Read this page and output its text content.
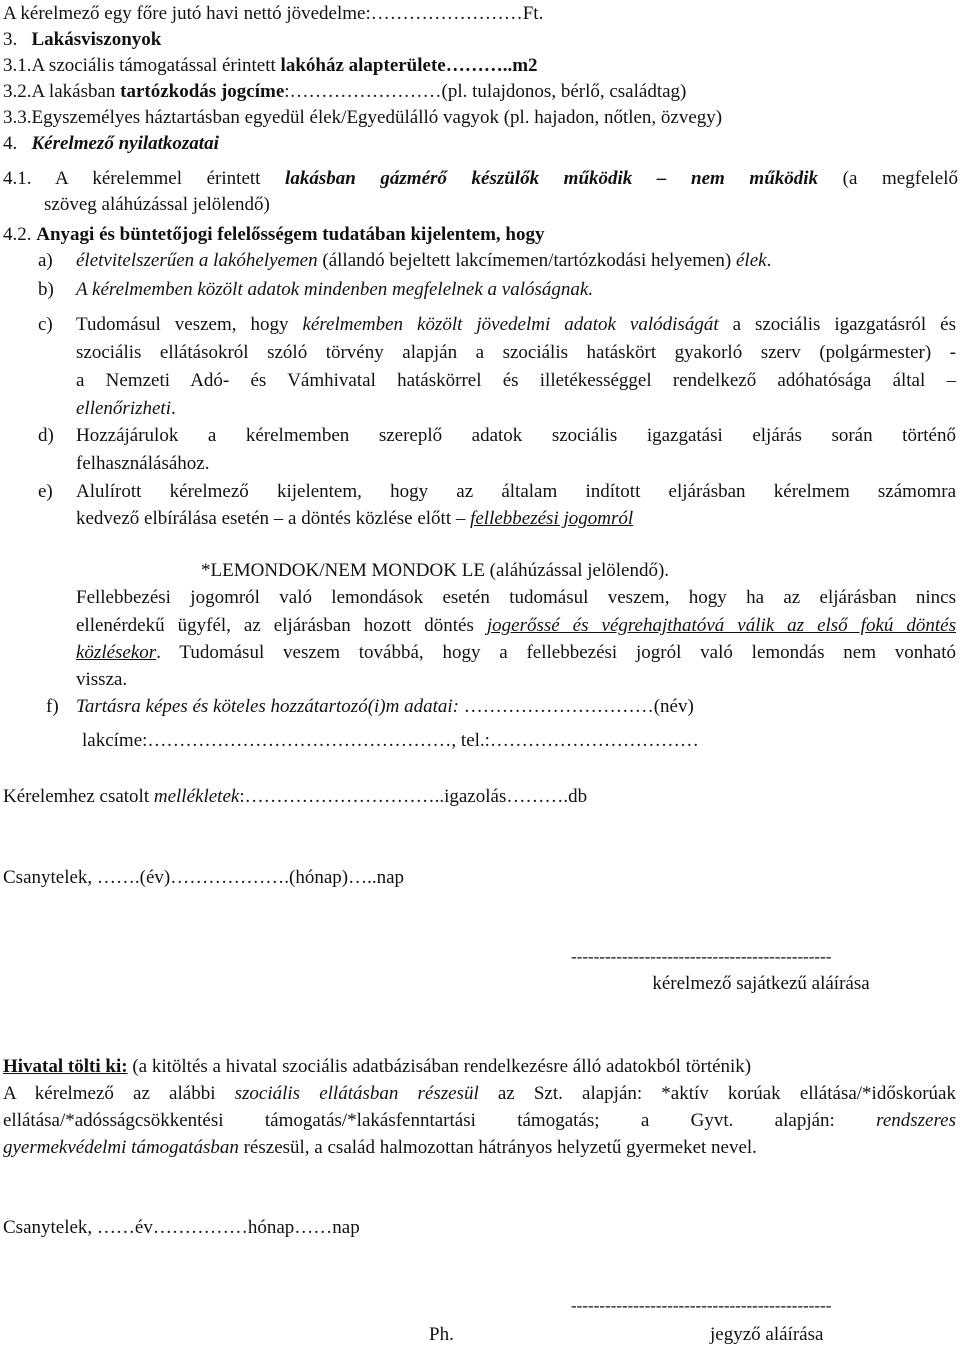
A kérelmező egy főre jutó havi nettó jövedelme:……………………Ft.
3. Lakásviszonyok
3.1.A szociális támogatással érintett lakóház alapterülete………..m2
3.2.A lakásban tartózkodás jogcíme:……………………(pl. tulajdonos, bérlő, családtag)
3.3.Egyszemélyes háztartásban egyedül élek/Egyedülálló vagyok (pl. hajadon, nőtlen, özvegy)
4. Kérelmező nyilatkozatai
4.1. A kérelemmel érintett lakásban gázmérő készülők működik – nem működik (a megfelelő
szöveg aláhúzással jelölendő)
4.2. Anyagi és büntetőjogi felelősségem tudatában kijelentem, hogy
a) életvitelszerűen a lakóhelyemen (állandó bejeltett lakcímemen/tartózkodási helyemen) élek.
b) A kérelmemben közölt adatok mindenben megfelelnek a valóságnak.
c) Tudomásul veszem, hogy kérelmemben közölt jövedelmi adatok valódiságát a szociális igazgatásról és
szociális ellátásokról szóló törvény alapján a szociális hatáskört gyakorló szerv (polgármester) -
a Nemzeti Adó- és Vámhivatal hatáskörrel és illetékességgel rendelkező adóhatósága által –
ellenőrizheti.
d) Hozzájárulok a kérelmemben szereplő adatok szociális igazgatási eljárás során történő
felhasználásához.
e) Alulírott kérelmező kijelentem, hogy az általam indított eljárásban kérelmem számomra
kedvező elbírálása esetén – a döntés közlése előtt – fellebbezési jogomról
*LEMONDOK/NEM MONDOK LE (aláhúzással jelölendő).
Fellebbezési jogomról való lemondások esetén tudomásul veszem, hogy ha az eljárásban nincs
ellenérdekű ügyfél, az eljárásban hozott döntés jogerőssé és végrehajthatóvá válik az első fokú döntés
közlésekor. Tudomásul veszem továbbá, hogy a fellebbezési jogról való lemondás nem vonható
vissza.
f) Tartásra képes és köteles hozzátartozó(i)m adatai: …………………………(név)
lakcíme:…………………………………………, tel.:……………………………
Kérelemhez csatolt mellékletek:…………………………..igazolás……….db
Csanytelek, …….(év)……………….(hónap)…..nap
----------------------------------------------
kérelmező sajátkezű aláírása
Hivatal tölti ki: (a kitöltés a hivatal szociális adatbázisában rendelkezésre álló adatokból történik)
A kérelmező az alábbi szociális ellátásban részesül az Szt. alapján: *aktív korúak ellátása/*időskorúak
ellátása/*adósságcsökkentési támogatás/*lakásfenntartási támogatás; a Gyvt. alapján: rendszeres
gyermekvédelmi támogatásban részesül, a család halmozottan hátrányos helyzetű gyermeket nevel.
Csanytelek, ……év……………hónap……nap
----------------------------------------------
Ph.	jegyző aláírása
